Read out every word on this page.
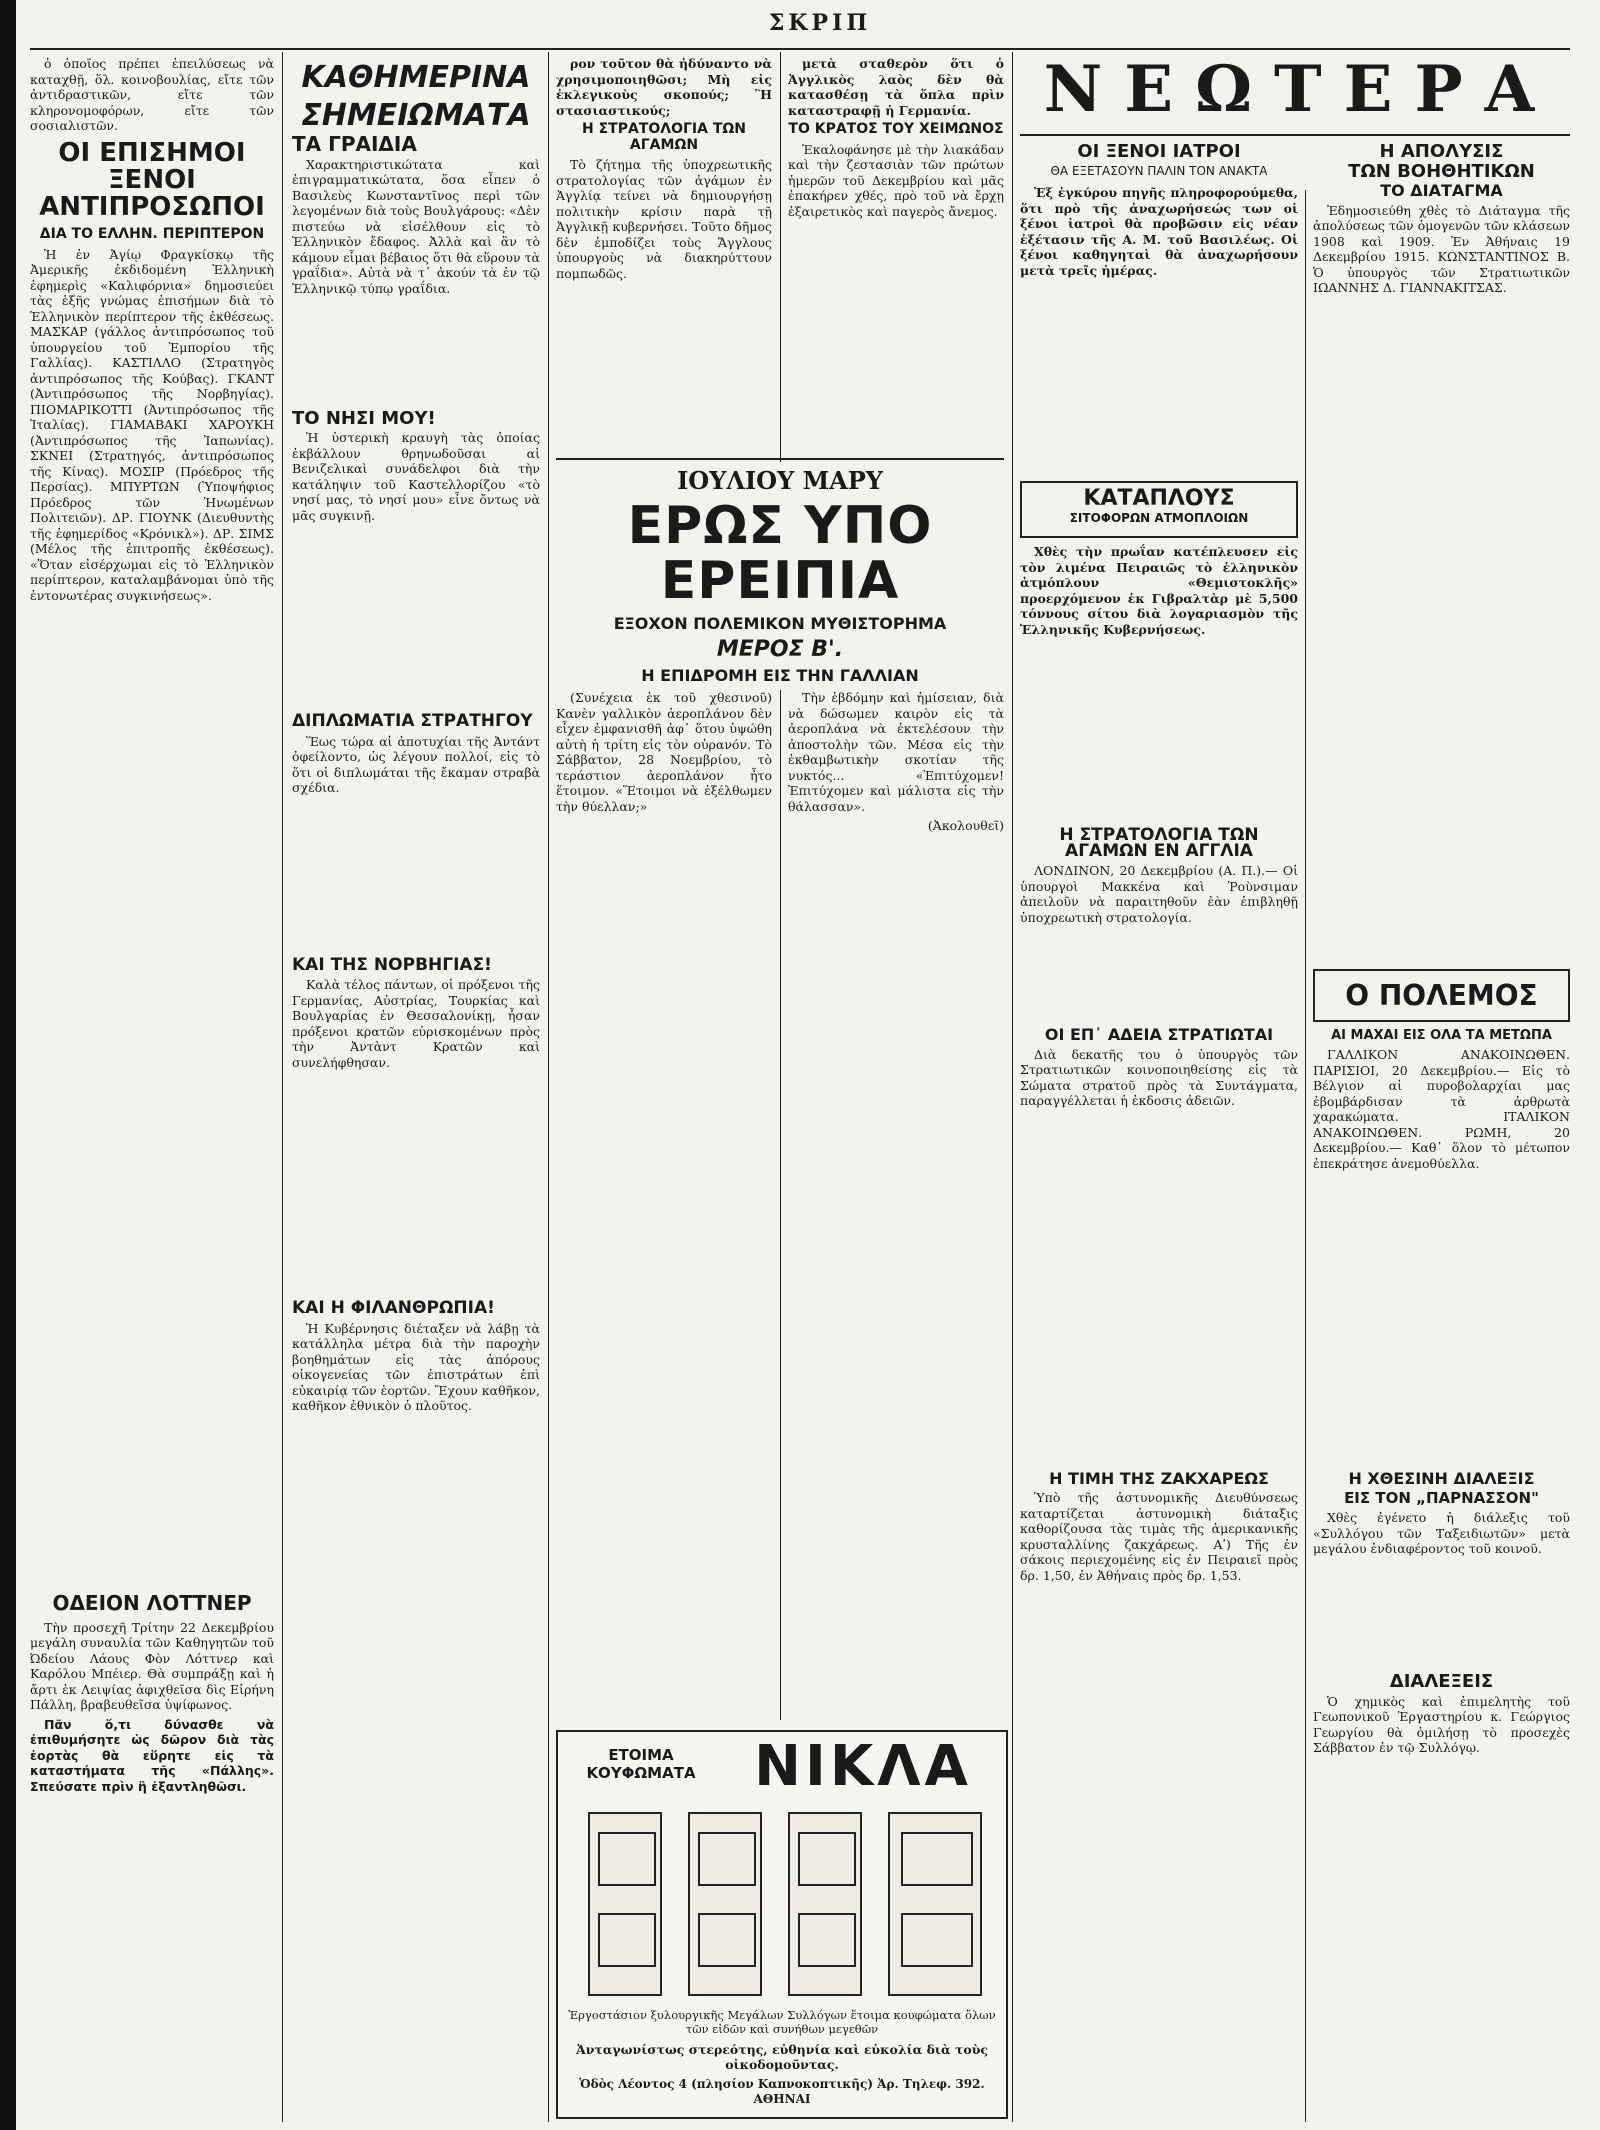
ΣΚΡΙΠ

ὁ ὁποῖος πρέπει ἐπειλύσεως νὰ καταχθῇ, ὅλ. κοινοβουλίας, εἴτε τῶν ἀντιδραστικῶν, εἴτε τῶν κληρονομοφόρων, εἴτε τῶν σοσιαλιστῶν.

ΟΙ ΕΠΙΣΗΜΟΙ ΞΕΝΟΙ ΑΝΤΙΠΡΟΣΩΠΟΙ
ΔΙΑ ΤΟ ΕΛΛΗΝ. ΠΕΡΙΠΤΕΡΟΝ

Ἡ ἐν Ἀγίῳ Φραγκίσκῳ τῆς Ἀμερικῆς ἐκδιδομένη Ἑλληνικὴ ἐφημερὶς «Καλιφόρνια» δημοσιεύει τὰς ἑξῆς γνώμας ἐπισήμων διὰ τὸ Ἑλληνικὸν περίπτερον τῆς ἐκθέσεως. ΜΑΣΚΑΡ (γάλλος ἀντιπρόσωπος τοῦ ὑπουργείου τοῦ Ἐμπορίου τῆς Γαλλίας). ΚΑΣΤΙΛΛΟ (Στρατηγὸς ἀντιπρόσωπος τῆς Κούβας). ΓΚΑΝΤ (Ἀντιπρόσωπος τῆς Νορβηγίας). ΠΙΟΜΑΡΙΚΟΤΤΙ (Ἀντιπρόσωπος τῆς Ἰταλίας). ΓΙΑΜΑΒΑΚΙ ΧΑΡΟΥΚΗ (Ἀντιπρόσωπος τῆς Ἰαπωνίας). ΣΚΝΕΙ (Στρατηγός, ἀντιπρόσωπος τῆς Κίνας). ΜΟΣΙΡ (Πρόεδρος τῆς Περσίας). ΜΠΥΡΤΩΝ (Ὑποψήφιος Πρόεδρος τῶν Ἡνωμένων Πολιτειῶν). ΔΡ. ΓΙΟΥΝΚ (Διευθυντὴς τῆς ἐφημερίδος «Κρόνικλ»). ΔΡ. ΣΙΜΣ (Μέλος τῆς ἐπιτροπῆς ἐκθέσεως). «Ὅταν εἰσέρχωμαι εἰς τὸ Ἑλληνικὸν περίπτερον, καταλαμβάνομαι ὑπὸ τῆς ἐντονωτέρας συγκινήσεως».

ΟΔΕΙΟΝ ΛΟΤΤΝΕΡ

Τὴν προσεχῆ Τρίτην 22 Δεκεμβρίου μεγάλη συναυλία τῶν Καθηγητῶν τοῦ Ὠδείου Λάους Φὸν Λόττνερ καὶ Καρόλου Μπέιερ. Θὰ συμπράξῃ καὶ ἡ ἄρτι ἐκ Λειψίας ἀφιχθεῖσα δὶς Εἰρήνη Πάλλη, βραβευθεῖσα ὑψίφωνος.

Πᾶν ὅ,τι δύνασθε νὰ ἐπιθυμήσητε ὡς δῶρον διὰ τὰς ἑορτὰς θὰ εὕρητε εἰς τὰ καταστήματα τῆς «Πάλλης». Σπεύσατε πρὶν ἢ ἐξαντληθῶσι.

ΚΑΘΗΜΕΡΙΝΑ
ΣΗΜΕΙΩΜΑΤΑ
ΤΑ ΓΡΑΙΔΙΑ

Χαρακτηριστικώτατα καὶ ἐπιγραμματικώτατα, ὅσα εἶπεν ὁ Βασιλεὺς Κωνσταντῖνος περὶ τῶν λεγομένων διὰ τοὺς Βουλγάρους: «Δὲν πιστεύω νὰ εἰσέλθουν εἰς τὸ Ἑλληνικὸν ἔδαφος. Ἀλλὰ καὶ ἂν τὸ κάμουν εἶμαι βέβαιος ὅτι θὰ εὕρουν τὰ γραΐδια». Αὐτὰ νὰ τ᾽ ἀκούν τὰ ἐν τῷ Ἑλληνικῷ τύπῳ γραΐδια.

ΤΟ ΝΗΣΙ ΜΟΥ!

Ἡ ὑστερικὴ κραυγὴ τὰς ὁποίας ἐκβάλλουν θρηνωδοῦσαι αἱ Βενιζελικαὶ συνάδελφοι διὰ τὴν κατάληψιν τοῦ Καστελλορίζου «τὸ νησί μας, τὸ νησί μου» εἶνε ὄντως νὰ μᾶς συγκινῇ.

ΔΙΠΛΩΜΑΤΙΑ ΣΤΡΑΤΗΓΟΥ

Ἕως τώρα αἱ ἀποτυχίαι τῆς Ἀντάντ ὀφείλοντο, ὡς λέγουν πολλοί, εἰς τὸ ὅτι οἱ διπλωμάται τῆς ἔκαμαν στραβὰ σχέδια.

ΚΑΙ ΤΗΣ ΝΟΡΒΗΓΙΑΣ!

Καλὰ τέλος πάντων, οἱ πρόξενοι τῆς Γερμανίας, Αὐστρίας, Τουρκίας καὶ Βουλγαρίας ἐν Θεσσαλονίκῃ, ἦσαν πρόξενοι κρατῶν εὑρισκομένων πρὸς τὴν Ἀντὰντ Κρατῶν καὶ συνελήφθησαν.

ΚΑΙ Η ΦΙΛΑΝΘΡΩΠΙΑ!

Ἡ Κυβέρνησις διέταξεν νὰ λάβῃ τὰ κατάλληλα μέτρα διὰ τὴν παροχὴν βοηθημάτων εἰς τὰς ἀπόρους οἰκογενείας τῶν ἐπιστράτων ἐπὶ εὐκαιρίᾳ τῶν ἑορτῶν. Ἔχουν καθῆκον, καθῆκον ἐθνικὸν ὁ πλοῦτος.

ρον τοῦτον θὰ ἠδύναντο νὰ χρησιμοποιηθῶσι; Μὴ εἰς ἐκλεγικοὺς σκοπούς; Ἢ στασιαστικούς;

Η ΣΤΡΑΤΟΛΟΓΙΑ ΤΩΝ ΑΓΑΜΩΝ

Τὸ ζήτημα τῆς ὑποχρεωτικῆς στρατολογίας τῶν ἀγάμων ἐν Ἀγγλίᾳ τείνει νὰ δημιουργήσῃ πολιτικὴν κρίσιν παρὰ τῇ Ἀγγλικῇ κυβερνήσει. Τοῦτο δῆμος δὲν ἐμποδίζει τοὺς Ἄγγλους ὑπουργοὺς νὰ διακηρύττουν πομπωδῶς.

μετὰ σταθερὸν ὅτι ὁ Ἀγγλικὸς λαὸς δὲν θὰ κατασθέσῃ τὰ ὅπλα πρὶν καταστραφῇ ἡ Γερμανία.

ΤΟ ΚΡΑΤΟΣ ΤΟΥ ΧΕΙΜΩΝΟΣ

Ἐκαλοφάνησε μὲ τὴν λιακάδαν καὶ τὴν ζεστασιὰν τῶν πρώτων ἡμερῶν τοῦ Δεκεμβρίου καὶ μᾶς ἐπακήρεν χθές, πρὸ τοῦ νὰ ἔρχῃ ἐξαιρετικὸς καὶ παγερὸς ἄνεμος.

ΙΟΥΛΙΟΥ ΜΑΡΥ
ΕΡΩΣ ΥΠΟ ΕΡΕΙΠΙΑ
ΕΞΟΧΟΝ ΠΟΛΕΜΙΚΟΝ ΜΥΘΙΣΤΟΡΗΜΑ
ΜΕΡΟΣ Β'.
Η ΕΠΙΔΡΟΜΗ ΕΙΣ ΤΗΝ ΓΑΛΛΙΑΝ

(Συνέχεια ἐκ τοῦ χθεσινοῦ) Κανὲν γαλλικὸν ἀεροπλάνον δὲν εἶχεν ἐμφανισθῆ ἀφ᾽ ὅτου ὑψώθη αὐτὴ ἡ τρίτη εἰς τὸν οὐρανόν. Τὸ Σάββατον, 28 Νοεμβρίου, τὸ τεράστιον ἀεροπλάνον ἦτο ἕτοιμον. «Ἕτοιμοι νὰ ἐξέλθωμεν τὴν θύελλαν;»

Τὴν ἑβδόμην καὶ ἡμίσειαν, διὰ νὰ δώσωμεν καιρὸν εἰς τὰ ἀεροπλάνα νὰ ἐκτελέσουν τὴν ἀποστολὴν τῶν. Μέσα εἰς τὴν ἐκθαμβωτικὴν σκοτίαν τῆς νυκτός... «Ἐπιτύχομεν! Ἐπιτύχομεν καὶ μάλιστα εἰς τὴν θάλασσαν».

(Ἀκολουθεῖ)

ΕΤΟΙΜΑ ΚΟΥΦΩΜΑΤΑ	ΝΙΚΛΑ
Ἐργοστάσιον ξυλουργικῆς Μεγάλων Συλλόγων ἕτοιμα κουφώματα ὅλων τῶν εἰδῶν καὶ συνήθων μεγεθῶν
Ἀνταγωνίστως στερεότης, εὐθηνία καὶ εὐκολία διὰ τοὺς οἰκοδομοῦντας.
Ὁδὸς Λέοντος 4 (πλησίον Καπνοκοπτικῆς) Ἀρ. Τηλεφ. 392. ΑΘΗΝΑΙ
ΝΕΩΤΕΡΑ
ΟΙ ΞΕΝΟΙ ΙΑΤΡΟΙ
ΘΑ ΕΞΕΤΑΣΟΥΝ ΠΑΛΙΝ ΤΟΝ ΑΝΑΚΤΑ

Ἐξ ἐγκύρου πηγῆς πληροφορούμεθα, ὅτι πρὸ τῆς ἀναχωρήσεώς των οἱ ξένοι ἰατροὶ θὰ προβῶσιν εἰς νέαν ἐξέτασιν τῆς Α. Μ. τοῦ Βασιλέως. Οἱ ξένοι καθηγηταὶ θὰ ἀναχωρήσουν μετὰ τρεῖς ἡμέρας.

ΚΑΤΑΠΛΟΥΣ
ΣΙΤΟΦΟΡΩΝ ΑΤΜΟΠΛΟΙΩΝ

Χθὲς τὴν πρωΐαν κατέπλευσεν εἰς τὸν λιμένα Πειραιῶς τὸ ἑλληνικὸν ἀτμόπλουν «Θεμιστοκλῆς» προερχόμενον ἐκ Γιβραλτὰρ μὲ 5,500 τόννους σίτου διὰ λογαριασμὸν τῆς Ἑλληνικῆς Κυβερνήσεως.

Η ΣΤΡΑΤΟΛΟΓΙΑ ΤΩΝ ΑΓΑΜΩΝ ΕΝ ΑΓΓΛΙΑ

ΛΟΝΔΙΝΟΝ, 20 Δεκεμβρίου (Α. Π.).— Οἱ ὑπουργοὶ Μακκένα καὶ Ῥοὺνσιμαν ἀπειλοῦν νὰ παραιτηθοῦν ἐὰν ἐπιβληθῇ ὑποχρεωτικὴ στρατολογία.

ΟΙ ΕΠ᾽ ΑΔΕΙΑ ΣΤΡΑΤΙΩΤΑΙ

Διὰ δεκατῆς του ὁ ὑπουργὸς τῶν Στρατιωτικῶν κοινοποιηθείσης εἰς τὰ Σώματα στρατοῦ πρὸς τὰ Συντάγματα, παραγγέλλεται ἡ ἐκδοσις ἀδειῶν.

Η ΤΙΜΗ ΤΗΣ ΖΑΚΧΑΡΕΩΣ

Ὑπὸ τῆς ἀστυνομικῆς Διευθύνσεως καταρτίζεται ἀστυνομικὴ διάταξις καθορίζουσα τὰς τιμὰς τῆς ἀμερικανικῆς κρυσταλλίνης ζακχάρεως. Αʹ) Τῆς ἐν σάκοις περιεχομένης εἰς ἐν Πειραιεῖ πρὸς δρ. 1,50, ἐν Ἀθήναις πρὸς δρ. 1,53.

Η ΑΠΟΛΥΣΙΣ
ΤΩΝ ΒΟΗΘΗΤΙΚΩΝ
ΤΟ ΔΙΑΤΑΓΜΑ

Ἐδημοσιεύθη χθὲς τὸ Διάταγμα τῆς ἀπολύσεως τῶν ὁμογενῶν τῶν κλάσεων 1908 καὶ 1909. Ἐν Ἀθήναις 19 Δεκεμβρίου 1915. ΚΩΝΣΤΑΝΤΙΝΟΣ Β. Ὁ ὑπουργὸς τῶν Στρατιωτικῶν ΙΩΑΝΝΗΣ Δ. ΓΙΑΝΝΑΚΙΤΣΑΣ.

Ο ΠΟΛΕΜΟΣ
ΑΙ ΜΑΧΑΙ ΕΙΣ ΟΛΑ ΤΑ ΜΕΤΩΠΑ

ΓΑΛΛΙΚΟΝ ΑΝΑΚΟΙΝΩΘΕΝ. ΠΑΡΙΣΙΟΙ, 20 Δεκεμβρίου.— Εἰς τὸ Βέλγιον αἱ πυροβολαρχίαι μας ἐβομβάρδισαν τὰ ἀρθρωτὰ χαρακώματα. ΙΤΑΛΙΚΟΝ ΑΝΑΚΟΙΝΩΘΕΝ. ΡΩΜΗ, 20 Δεκεμβρίου.— Καθ᾽ ὅλον τὸ μέτωπον ἐπεκράτησε ἀνεμοθύελλα.

Η ΧΘΕΣΙΝΗ ΔΙΑΛΕΞΙΣ
ΕΙΣ ΤΟΝ „ΠΑΡΝΑΣΣΟΝ"

Χθὲς ἐγένετο ἡ διάλεξις τοῦ «Συλλόγου τῶν Ταξειδιωτῶν» μετὰ μεγάλου ἐνδιαφέροντος τοῦ κοινοῦ.

ΔΙΑΛΕΞΕΙΣ

Ὁ χημικὸς καὶ ἐπιμελητὴς τοῦ Γεωπονικοῦ Ἐργαστηρίου κ. Γεώργιος Γεωργίου θὰ ὁμιλήσῃ τὸ προσεχὲς Σάββατον ἐν τῷ Συλλόγῳ.
